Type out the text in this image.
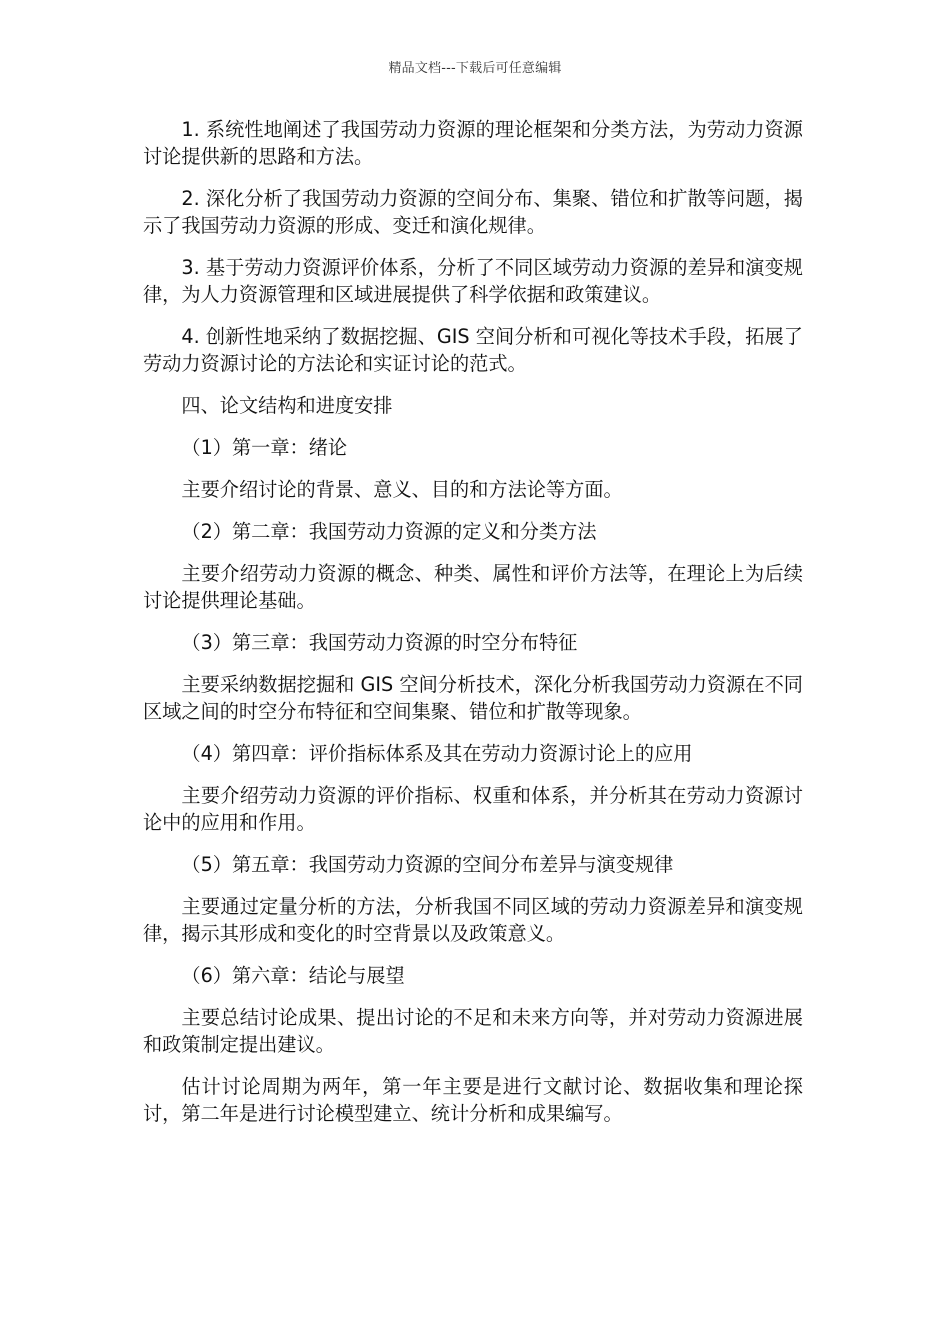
精品文档---下载后可任意编辑

1. 系统性地阐述了我国劳动力资源的理论框架和分类方法，为劳动力资源讨论提供新的思路和方法。

2. 深化分析了我国劳动力资源的空间分布、集聚、错位和扩散等问题，揭示了我国劳动力资源的形成、变迁和演化规律。

3. 基于劳动力资源评价体系，分析了不同区域劳动力资源的差异和演变规律，为人力资源管理和区域进展提供了科学依据和政策建议。

4. 创新性地采纳了数据挖掘、GIS 空间分析和可视化等技术手段，拓展了劳动力资源讨论的方法论和实证讨论的范式。

四、论文结构和进度安排

（1）第一章：绪论

主要介绍讨论的背景、意义、目的和方法论等方面。

（2）第二章：我国劳动力资源的定义和分类方法

主要介绍劳动力资源的概念、种类、属性和评价方法等，在理论上为后续讨论提供理论基础。

（3）第三章：我国劳动力资源的时空分布特征

主要采纳数据挖掘和 GIS 空间分析技术，深化分析我国劳动力资源在不同区域之间的时空分布特征和空间集聚、错位和扩散等现象。

（4）第四章：评价指标体系及其在劳动力资源讨论上的应用

主要介绍劳动力资源的评价指标、权重和体系，并分析其在劳动力资源讨论中的应用和作用。

（5）第五章：我国劳动力资源的空间分布差异与演变规律

主要通过定量分析的方法，分析我国不同区域的劳动力资源差异和演变规律，揭示其形成和变化的时空背景以及政策意义。

（6）第六章：结论与展望

主要总结讨论成果、提出讨论的不足和未来方向等，并对劳动力资源进展和政策制定提出建议。

估计讨论周期为两年，第一年主要是进行文献讨论、数据收集和理论探讨，第二年是进行讨论模型建立、统计分析和成果编写。
